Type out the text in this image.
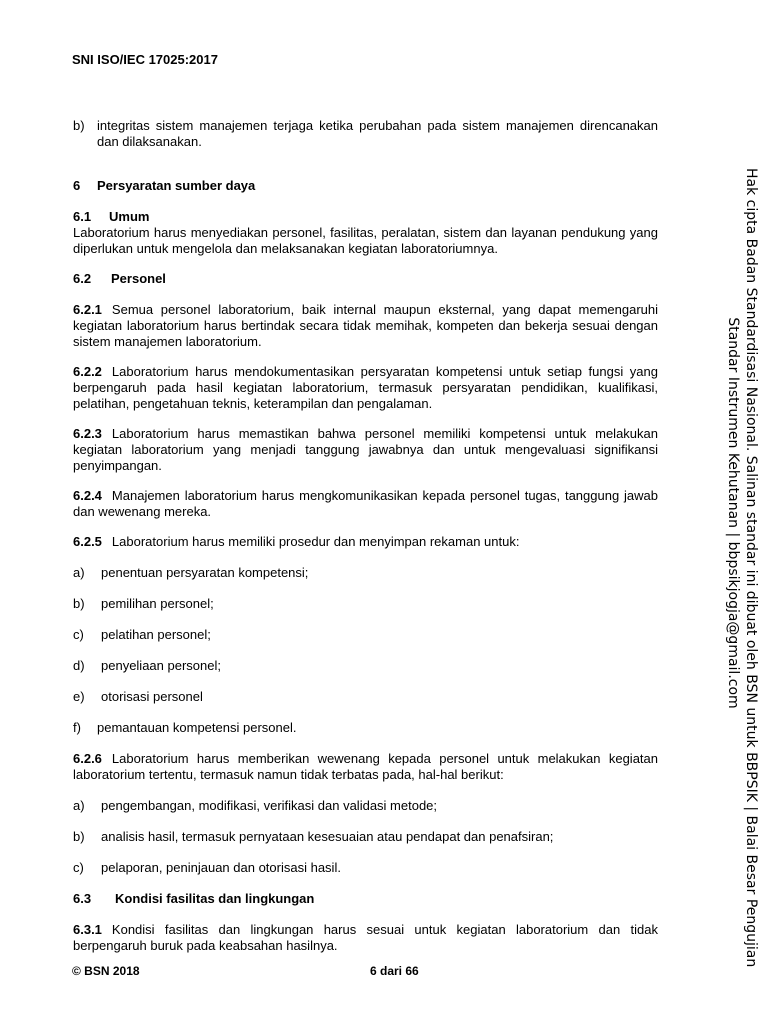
SNI ISO/IEC 17025:2017
b) integritas sistem manajemen terjaga ketika perubahan pada sistem manajemen direncanakan dan dilaksanakan.

6 Persyaratan sumber daya

6.1 Umum

Laboratorium harus menyediakan personel, fasilitas, peralatan, sistem dan layanan pendukung yang diperlukan untuk mengelola dan melaksanakan kegiatan laboratoriumnya.

6.2 Personel

6.2.1 Semua personel laboratorium, baik internal maupun eksternal, yang dapat memengaruhi kegiatan laboratorium harus bertindak secara tidak memihak, kompeten dan bekerja sesuai dengan sistem manajemen laboratorium.

6.2.2 Laboratorium harus mendokumentasikan persyaratan kompetensi untuk setiap fungsi yang berpengaruh pada hasil kegiatan laboratorium, termasuk persyaratan pendidikan, kualifikasi, pelatihan, pengetahuan teknis, keterampilan dan pengalaman.

6.2.3 Laboratorium harus memastikan bahwa personel memiliki kompetensi untuk melakukan kegiatan laboratorium yang menjadi tanggung jawabnya dan untuk mengevaluasi signifikansi penyimpangan.

6.2.4 Manajemen laboratorium harus mengkomunikasikan kepada personel tugas, tanggung jawab dan wewenang mereka.

6.2.5 Laboratorium harus memiliki prosedur dan menyimpan rekaman untuk:

a)	penentuan persyaratan kompetensi;
b)	pemilihan personel;
c)	pelatihan personel;
d)	penyeliaan personel;
e)	otorisasi personel
f)	pemantauan kompetensi personel.

6.2.6 Laboratorium harus memberikan wewenang kepada personel untuk melakukan kegiatan laboratorium tertentu, termasuk namun tidak terbatas pada, hal-hal berikut:

a)	pengembangan, modifikasi, verifikasi dan validasi metode;
b)	analisis hasil, termasuk pernyataan kesesuaian atau pendapat dan penafsiran;
c)	pelaporan, peninjauan dan otorisasi hasil.

6.3 Kondisi fasilitas dan lingkungan

6.3.1 Kondisi fasilitas dan lingkungan harus sesuai untuk kegiatan laboratorium dan tidak berpengaruh buruk pada keabsahan hasilnya.

© BSN 2018	6 dari 66
Hak cipta Badan Standardisasi Nasional. Salinan standar ini dibuat oleh BSN untuk BBPSIK | Balai Besar Pengujian
Standar Instrumen Kehutanan | bbpsikjogja@gmail.com
